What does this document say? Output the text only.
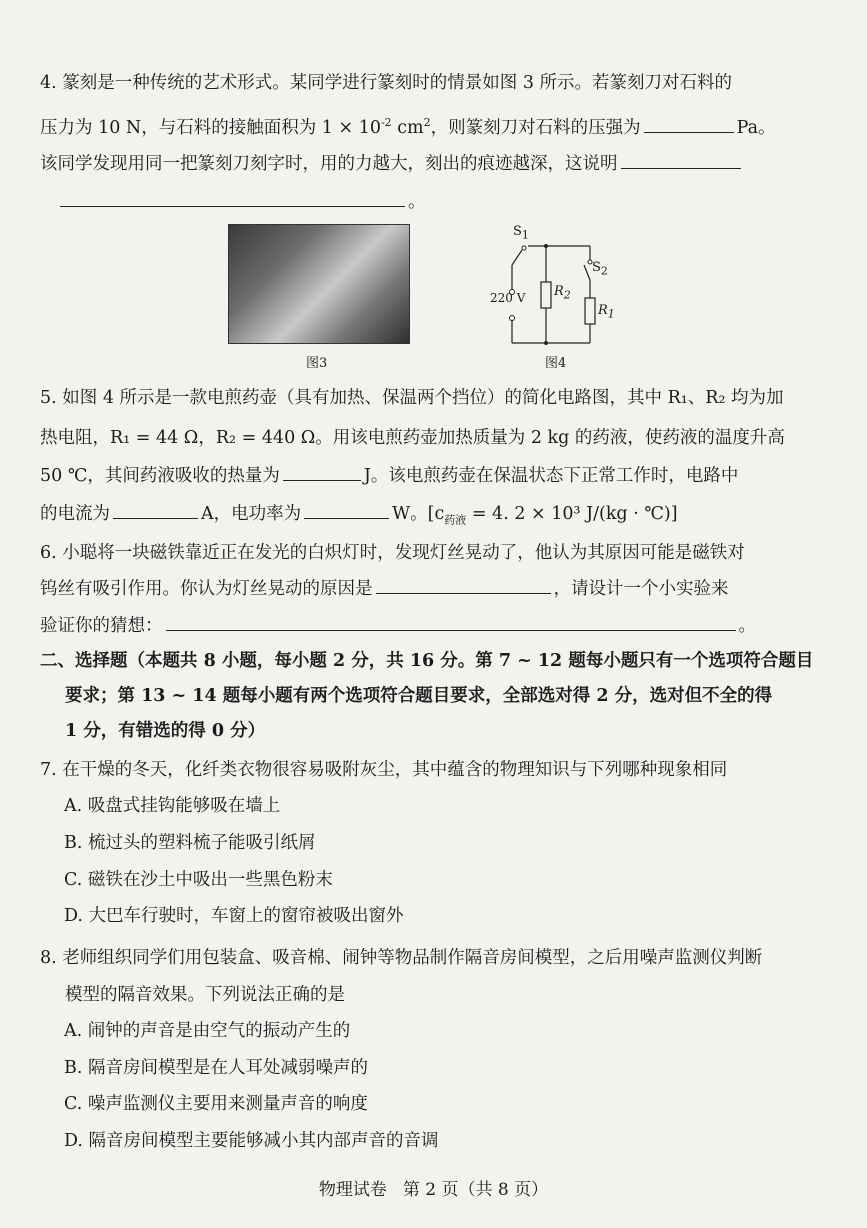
4. 篆刻是一种传统的艺术形式。某同学进行篆刻时的情景如图 3 所示。若篆刻刀对石料的
压力为 10 N，与石料的接触面积为 $1 \times 10^{-2}$ $cm^2$，则篆刻刀对石料的压强为	Pa。
该同学发现用同一把篆刻刀刻字时，用的力越大，刻出的痕迹越深，这说明
。
图3
$S_1$
$S_2$
220 V $R_2$
$R_1$
图4
5. 如图 4 所示是一款电煎药壶（具有加热、保温两个挡位）的简化电路图，其中 R₁、R₂ 均为加
热电阻，R₁ = 44 Ω，R₂ = 440 Ω。用该电煎药壶加热质量为 2 kg 的药液，使药液的温度升高
50 ℃，其间药液吸收的热量为	J。该电煎药壶在保温状态下正常工作时，电路中
的电流为	A，电功率为	W。[$c_{药液} = 4$. 2 × 10³ J/(kg · ℃)]
6. 小聪将一块磁铁靠近正在发光的白炽灯时，发现灯丝晃动了，他认为其原因可能是磁铁对
钨丝有吸引作用。你认为灯丝晃动的原因是	，请设计一个小实验来
验证你的猜想：	。
二、选择题（本题共 8 小题，每小题 2 分，共 16 分。第 7 ~ 12 题每小题只有一个选项符合题目
要求；第 13 ~ 14 题每小题有两个选项符合题目要求，全部选对得 2 分，选对但不全的得
1 分，有错选的得 0 分）
7. 在干燥的冬天，化纤类衣物很容易吸附灰尘，其中蕴含的物理知识与下列哪种现象相同
A. 吸盘式挂钩能够吸在墙上
B. 梳过头的塑料梳子能吸引纸屑
C. 磁铁在沙土中吸出一些黑色粉末
D. 大巴车行驶时，车窗上的窗帘被吸出窗外
8. 老师组织同学们用包装盒、吸音棉、闹钟等物品制作隔音房间模型，之后用噪声监测仪判断
模型的隔音效果。下列说法正确的是
A. 闹钟的声音是由空气的振动产生的
B. 隔音房间模型是在人耳处减弱噪声的
C. 噪声监测仪主要用来测量声音的响度
D. 隔音房间模型主要能够减小其内部声音的音调
物理试卷 第 2 页（共 8 页）
